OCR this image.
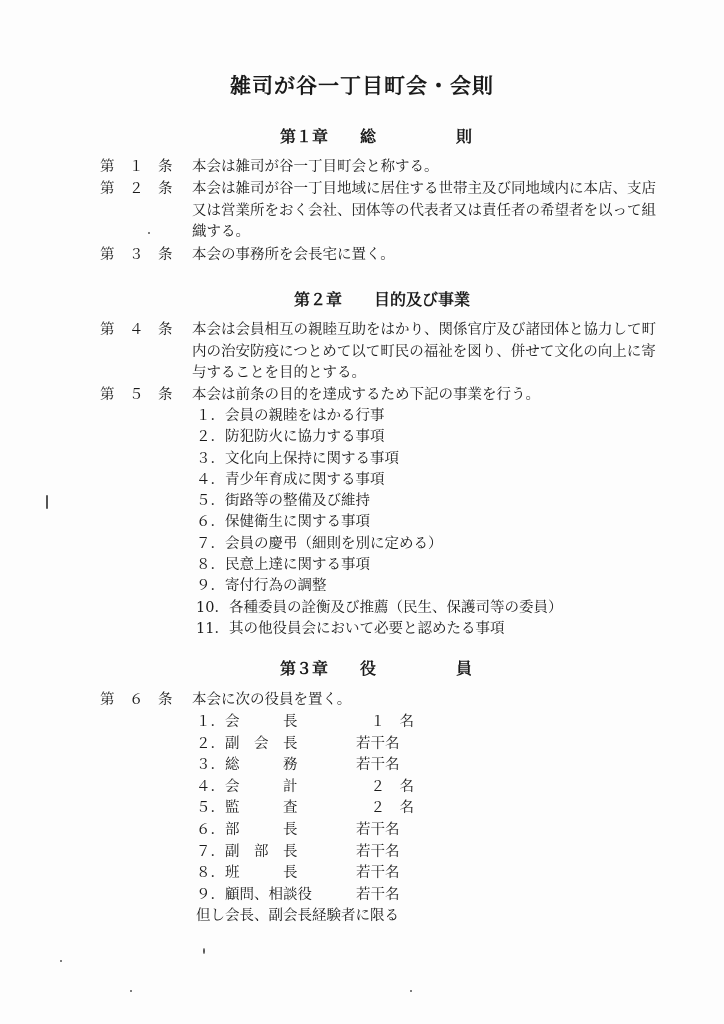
雑司が谷一丁目町会・会則
第１章　　総　　　　　則
第　１　条	本会は雑司が谷一丁目町会と称する。
第　２　条	本会は雑司が谷一丁目地域に居住する世帯主及び同地域内に本店、支店
又は営業所をおく会社、団体等の代表者又は責任者の希望者を以って組
織する。
第　３　条	本会の事務所を会長宅に置く。
第２章　　目的及び事業
第　４　条	本会は会員相互の親睦互助をはかり、関係官庁及び諸団体と協力して町
内の治安防疫につとめて以て町民の福祉を図り、併せて文化の向上に寄
与することを目的とする。
第　５　条	本会は前条の目的を達成するため下記の事業を行う。
１．会員の親睦をはかる行事
２．防犯防火に協力する事項
３．文化向上保持に関する事項
４．青少年育成に関する事項
５．街路等の整備及び維持
６．保健衛生に関する事項
７．会員の慶弔（細則を別に定める）
８．民意上達に関する事項
９．寄付行為の調整
10．各種委員の詮衡及び推薦（民生、保護司等の委員）
11．其の他役員会において必要と認めたる事項
第３章　　役　　　　　員
第　６　条	本会に次の役員を置く。
１．会　　　長	　１　名
２．副　会　長	若干名
３．総　　　務	若干名
４．会　　　計	　２　名
５．監　　　査	　２　名
６．部　　　長	若干名
７．副　部　長	若干名
８．班　　　長	若干名
９．顧問、相談役	若干名
但し会長、副会長経験者に限る
